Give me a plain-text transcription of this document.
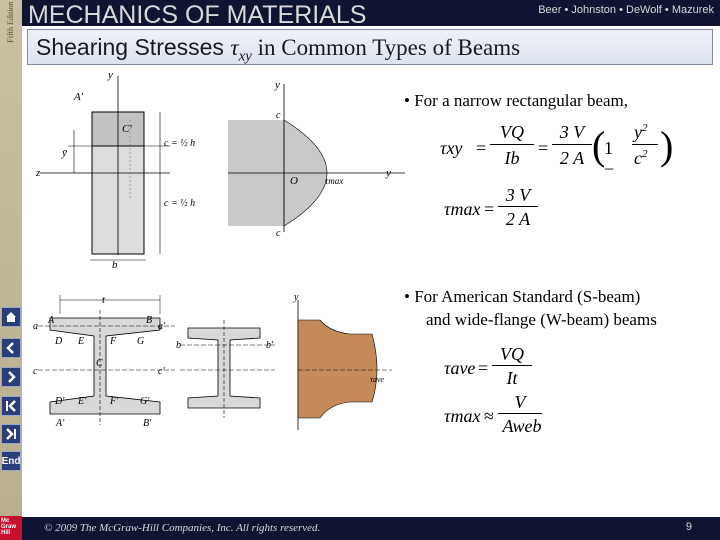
Fifth Edition
End
Mc
Graw
Hill
MECHANICS OF MATERIALS	Beer • Johnston • DeWolf • Mazurek
Shearing Stresses $\tau_{xy}$ in Common Types of Beams
• For a narrow rectangular beam,
• For American Standard (S-beam)
and wide-flange (W-beam) beams
y
A'
C'
ȳ
z
c = ½ h
c = ½ h
b
y
c
O	τmax
c
y
τxy =
VQ
Ib	=
3 V
2 A (
1 −
$y^2$
$c^2$ )
τmax =
3 V
2 A
t
A	B
a	a'
D E	F G
C
c	c'
D' E' F' G'
A'	B'
b	b'
y
τave
τave =
VQ
It
τmax ≈
V
Aweb
© 2009 The McGraw-Hill Companies, Inc. All rights reserved.	9
